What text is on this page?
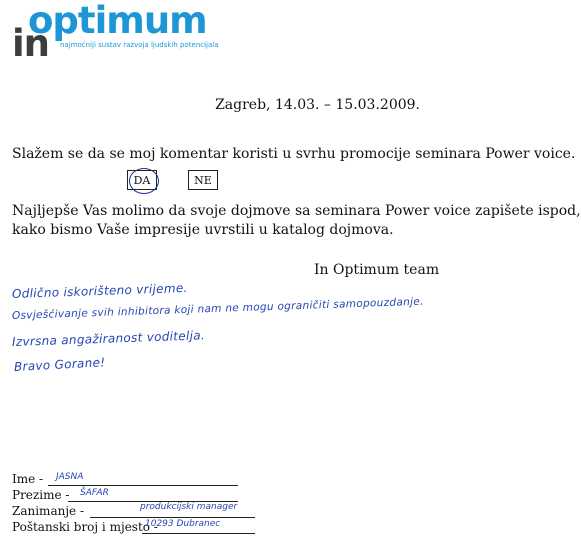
optimum
in najmoćniji sustav razvoja ljudskih potencijala
Zagreb, 14.03. – 15.03.2009.
Slažem se da se moj komentar koristi u svrhu promocije seminara Power voice.
DA	NE
Najljepše Vas molimo da svoje dojmove sa seminara Power voice zapišete ispod,
kako bismo Vaše impresije uvrstili u katalog dojmova.
In Optimum team
Odlično iskorišteno vrijeme.
Osvješćivanje svih inhibitora koji nam ne mogu ograničiti samopouzdanje.
Izvrsna angažiranost voditelja.
Bravo Gorane!
Ime - JASNA
Prezime - ŠAFAR
Zanimanje -	produkcijski manager
Poštanski broj i mjesto -
10293 Dubranec
